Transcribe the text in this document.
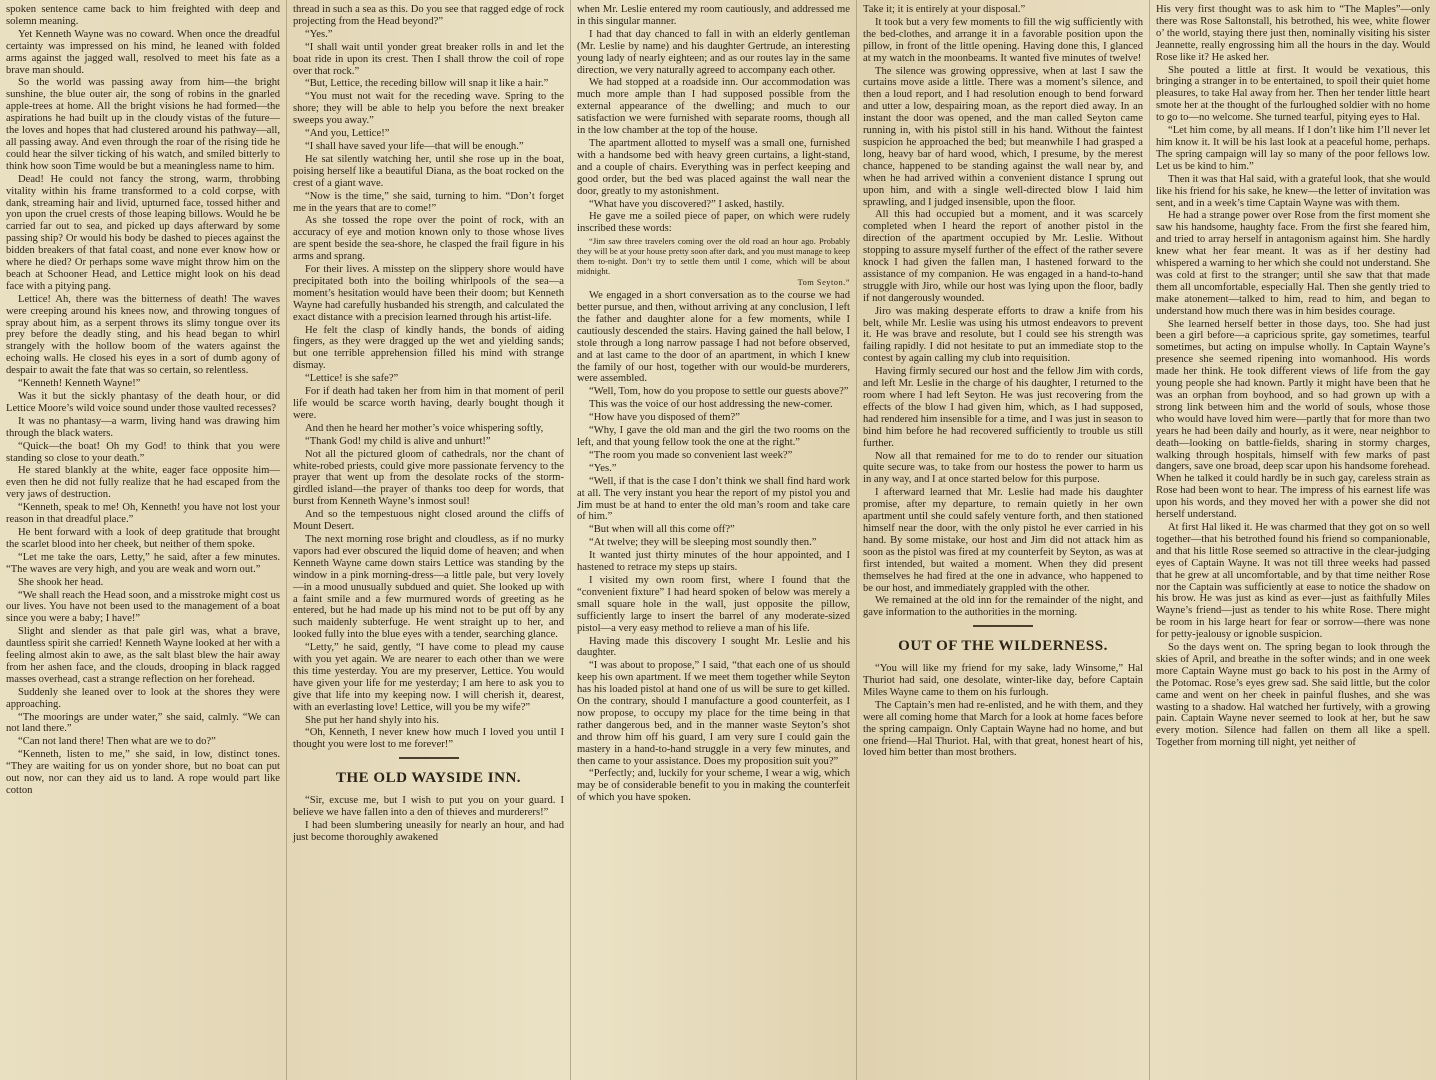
spoken sentence came back to him freighted with deep and solemn meaning.

Yet Kenneth Wayne was no coward. When once the dreadful certainty was impressed on his mind, he leaned with folded arms against the jagged wall, resolved to meet his fate as a brave man should.

So the world was passing away from him—the bright sunshine, the blue outer air, the song of robins in the gnarled apple-trees at home. All the bright visions he had formed—the aspirations he had built up in the cloudy vistas of the future—the loves and hopes that had clustered around his pathway—all, all passing away. And even through the roar of the rising tide he could hear the silver ticking of his watch, and smiled bitterly to think how soon Time would be but a meaningless name to him.

Dead! He could not fancy the strong, warm, throbbing vitality within his frame transformed to a cold corpse, with dank, streaming hair and livid, upturned face, tossed hither and yon upon the cruel crests of those leaping billows. Would he be carried far out to sea, and picked up days afterward by some passing ship? Or would his body be dashed to pieces against the bidden breakers of that fatal coast, and none ever know how or where he died? Or perhaps some wave might throw him on the beach at Schooner Head, and Lettice might look on his dead face with a pitying pang.

Lettice! Ah, there was the bitterness of death! The waves were creeping around his knees now, and throwing tongues of spray about him, as a serpent throws its slimy tongue over its prey before the deadly sting, and his head began to whirl strangely with the hollow boom of the waters against the echoing walls. He closed his eyes in a sort of dumb agony of despair to await the fate that was so certain, so relentless.

“Kenneth! Kenneth Wayne!”

Was it but the sickly phantasy of the death hour, or did Lettice Moore’s wild voice sound under those vaulted recesses?

It was no phantasy—a warm, living hand was drawing him through the black waters.

“Quick—the boat! Oh my God! to think that you were standing so close to your death.”

He stared blankly at the white, eager face opposite him—even then he did not fully realize that he had escaped from the very jaws of destruction.

“Kenneth, speak to me! Oh, Kenneth! you have not lost your reason in that dreadful place.”

He bent forward with a look of deep gratitude that brought the scarlet blood into her cheek, but neither of them spoke.

“Let me take the oars, Letty,” he said, after a few minutes. “The waves are very high, and you are weak and worn out.”

She shook her head.

“We shall reach the Head soon, and a misstroke might cost us our lives. You have not been used to the management of a boat since you were a baby; I have!”

Slight and slender as that pale girl was, what a brave, dauntless spirit she carried! Kenneth Wayne looked at her with a feeling almost akin to awe, as the salt blast blew the hair away from her ashen face, and the clouds, drooping in black ragged masses overhead, cast a strange reflection on her forehead.

Suddenly she leaned over to look at the shores they were approaching.

“The moorings are under water,” she said, calmly. “We can not land there.”

“Can not land there! Then what are we to do?”

“Kenneth, listen to me,” she said, in low, distinct tones. “They are waiting for us on yonder shore, but no boat can put out now, nor can they aid us to land. A rope would part like cotton

thread in such a sea as this. Do you see that ragged edge of rock projecting from the Head beyond?”

“Yes.”

“I shall wait until yonder great breaker rolls in and let the boat ride in upon its crest. Then I shall throw the coil of rope over that rock.”

“But, Lettice, the receding billow will snap it like a hair.”

“You must not wait for the receding wave. Spring to the shore; they will be able to help you before the next breaker sweeps you away.”

“And you, Lettice!”

“I shall have saved your life—that will be enough.”

He sat silently watching her, until she rose up in the boat, poising herself like a beautiful Diana, as the boat rocked on the crest of a giant wave.

“Now is the time,” she said, turning to him. “Don’t forget me in the years that are to come!”

As she tossed the rope over the point of rock, with an accuracy of eye and motion known only to those whose lives are spent beside the sea-shore, he clasped the frail figure in his arms and sprang.

For their lives. A misstep on the slippery shore would have precipitated both into the boiling whirlpools of the sea—a moment’s hesitation would have been their doom; but Kenneth Wayne had carefully husbanded his strength, and calculated the exact distance with a precision learned through his artist-life.

He felt the clasp of kindly hands, the bonds of aiding fingers, as they were dragged up the wet and yielding sands; but one terrible apprehension filled his mind with strange dismay.

“Lettice! is she safe?”

For if death had taken her from him in that moment of peril life would be scarce worth having, dearly bought though it were.

And then he heard her mother’s voice whispering softly,

“Thank God! my child is alive and unhurt!”

Not all the pictured gloom of cathedrals, nor the chant of white-robed priests, could give more passionate fervency to the prayer that went up from the desolate rocks of the storm-girdled island—the prayer of thanks too deep for words, that burst from Kenneth Wayne’s inmost soul!

And so the tempestuous night closed around the cliffs of Mount Desert.

The next morning rose bright and cloudless, as if no murky vapors had ever obscured the liquid dome of heaven; and when Kenneth Wayne came down stairs Lettice was standing by the window in a pink morning-dress—a little pale, but very lovely—in a mood unusually subdued and quiet. She looked up with a faint smile and a few murmured words of greeting as he entered, but he had made up his mind not to be put off by any such maidenly subterfuge. He went straight up to her, and looked fully into the blue eyes with a tender, searching glance.

“Letty,” he said, gently, “I have come to plead my cause with you yet again. We are nearer to each other than we were this time yesterday. You are my preserver, Lettice. You would have given your life for me yesterday; I am here to ask you to give that life into my keeping now. I will cherish it, dearest, with an everlasting love! Lettice, will you be my wife?”

She put her hand shyly into his.

“Oh, Kenneth, I never knew how much I loved you until I thought you were lost to me forever!”

THE OLD WAYSIDE INN.

“Sir, excuse me, but I wish to put you on your guard. I believe we have fallen into a den of thieves and murderers!”

I had been slumbering uneasily for nearly an hour, and had just become thoroughly awakened

when Mr. Leslie entered my room cautiously, and addressed me in this singular manner.

I had that day chanced to fall in with an elderly gentleman (Mr. Leslie by name) and his daughter Gertrude, an interesting young lady of nearly eighteen; and as our routes lay in the same direction, we very naturally agreed to accompany each other.

We had stopped at a roadside inn. Our accommodation was much more ample than I had supposed possible from the external appearance of the dwelling; and much to our satisfaction we were furnished with separate rooms, though all in the low chamber at the top of the house.

The apartment allotted to myself was a small one, furnished with a handsome bed with heavy green curtains, a light-stand, and a couple of chairs. Everything was in perfect keeping and good order, but the bed was placed against the wall near the door, greatly to my astonishment.

“What have you discovered?” I asked, hastily.

He gave me a soiled piece of paper, on which were rudely inscribed these words:

“Jim saw three travelers coming over the old road an hour ago. Probably they will be at your house pretty soon after dark, and you must manage to keep them to-night. Don’t try to settle them until I come, which will be about midnight.

Tom Seyton.”

We engaged in a short conversation as to the course we had better pursue, and then, without arriving at any conclusion, I left the father and daughter alone for a few moments, while I cautiously descended the stairs. Having gained the hall below, I stole through a long narrow passage I had not before observed, and at last came to the door of an apartment, in which I knew the family of our host, together with our would-be murderers, were assembled.

“Well, Tom, how do you propose to settle our guests above?”

This was the voice of our host addressing the new-comer.

“How have you disposed of them?”

“Why, I gave the old man and the girl the two rooms on the left, and that young fellow took the one at the right.”

“The room you made so convenient last week?”

“Yes.”

“Well, if that is the case I don’t think we shall find hard work at all. The very instant you hear the report of my pistol you and Jim must be at hand to enter the old man’s room and take care of him.”

“But when will all this come off?”

“At twelve; they will be sleeping most soundly then.”

It wanted just thirty minutes of the hour appointed, and I hastened to retrace my steps up stairs.

I visited my own room first, where I found that the “convenient fixture” I had heard spoken of below was merely a small square hole in the wall, just opposite the pillow, sufficiently large to insert the barrel of any moderate-sized pistol—a very easy method to relieve a man of his life.

Having made this discovery I sought Mr. Leslie and his daughter.

“I was about to propose,” I said, “that each one of us should keep his own apartment. If we meet them together while Seyton has his loaded pistol at hand one of us will be sure to get killed. On the contrary, should I manufacture a good counterfeit, as I now propose, to occupy my place for the time being in that rather dangerous bed, and in the manner waste Seyton’s shot and throw him off his guard, I am very sure I could gain the mastery in a hand-to-hand struggle in a very few minutes, and then came to your assistance. Does my proposition suit you?”

“Perfectly; and, luckily for your scheme, I wear a wig, which may be of considerable benefit to you in making the counterfeit of which you have spoken.

Take it; it is entirely at your disposal.”

It took but a very few moments to fill the wig sufficiently with the bed-clothes, and arrange it in a favorable position upon the pillow, in front of the little opening. Having done this, I glanced at my watch in the moonbeams. It wanted five minutes of twelve!

The silence was growing oppressive, when at last I saw the curtains move aside a little. There was a moment’s silence, and then a loud report, and I had resolution enough to bend forward and utter a low, despairing moan, as the report died away. In an instant the door was opened, and the man called Seyton came running in, with his pistol still in his hand. Without the faintest suspicion he approached the bed; but meanwhile I had grasped a long, heavy bar of hard wood, which, I presume, by the merest chance, happened to be standing against the wall near by, and when he had arrived within a convenient distance I sprung out upon him, and with a single well-directed blow I laid him sprawling, and I judged insensible, upon the floor.

All this had occupied but a moment, and it was scarcely completed when I heard the report of another pistol in the direction of the apartment occupied by Mr. Leslie. Without stopping to assure myself further of the effect of the rather severe knock I had given the fallen man, I hastened forward to the assistance of my companion. He was engaged in a hand-to-hand struggle with Jiro, while our host was lying upon the floor, badly if not dangerously wounded.

Jiro was making desperate efforts to draw a knife from his belt, while Mr. Leslie was using his utmost endeavors to prevent it. He was brave and resolute, but I could see his strength was failing rapidly. I did not hesitate to put an immediate stop to the contest by again calling my club into requisition.

Having firmly secured our host and the fellow Jim with cords, and left Mr. Leslie in the charge of his daughter, I returned to the room where I had left Seyton. He was just recovering from the effects of the blow I had given him, which, as I had supposed, had rendered him insensible for a time, and I was just in season to bind him before he had recovered sufficiently to trouble us still further.

Now all that remained for me to do to render our situation quite secure was, to take from our hostess the power to harm us in any way, and I at once started below for this purpose.

I afterward learned that Mr. Leslie had made his daughter promise, after my departure, to remain quietly in her own apartment until she could safely venture forth, and then stationed himself near the door, with the only pistol he ever carried in his hand. By some mistake, our host and Jim did not attack him as soon as the pistol was fired at my counterfeit by Seyton, as was at first intended, but waited a moment. When they did present themselves he had fired at the one in advance, who happened to be our host, and immediately grappled with the other.

We remained at the old inn for the remainder of the night, and gave information to the authorities in the morning.

OUT OF THE WILDERNESS.

“You will like my friend for my sake, lady Winsome,” Hal Thuriot had said, one desolate, winter-like day, before Captain Miles Wayne came to them on his furlough.

The Captain’s men had re-enlisted, and he with them, and they were all coming home that March for a look at home faces before the spring campaign. Only Captain Wayne had no home, and but one friend—Hal Thuriot. Hal, with that great, honest heart of his, loved him better than most brothers.

His very first thought was to ask him to “The Maples”—only there was Rose Saltonstall, his betrothed, his wee, white flower o’ the world, staying there just then, nominally visiting his sister Jeannette, really engrossing him all the hours in the day. Would Rose like it? He asked her.

She pouted a little at first. It would be vexatious, this bringing a stranger in to be entertained, to spoil their quiet home pleasures, to take Hal away from her. Then her tender little heart smote her at the thought of the furloughed soldier with no home to go to—no welcome. She turned tearful, pitying eyes to Hal.

“Let him come, by all means. If I don’t like him I’ll never let him know it. It will be his last look at a peaceful home, perhaps. The spring campaign will lay so many of the poor fellows low. Let us be kind to him.”

Then it was that Hal said, with a grateful look, that she would like his friend for his sake, he knew—the letter of invitation was sent, and in a week’s time Captain Wayne was with them.

He had a strange power over Rose from the first moment she saw his handsome, haughty face. From the first she feared him, and tried to array herself in antagonism against him. She hardly knew what her fear meant. It was as if her destiny had whispered a warning to her which she could not understand. She was cold at first to the stranger; until she saw that that made them all uncomfortable, especially Hal. Then she gently tried to make atonement—talked to him, read to him, and began to understand how much there was in him besides courage.

She learned herself better in those days, too. She had just been a girl before—a capricious sprite, gay sometimes, tearful sometimes, but acting on impulse wholly. In Captain Wayne’s presence she seemed ripening into womanhood. His words made her think. He took different views of life from the gay young people she had known. Partly it might have been that he was an orphan from boyhood, and so had grown up with a strong link between him and the world of souls, whose those who would have loved him were—partly that for more than two years he had been daily and hourly, as it were, near neighbor to death—looking on battle-fields, sharing in stormy charges, walking through hospitals, himself with few marks of past dangers, save one broad, deep scar upon his handsome forehead. When he talked it could hardly be in such gay, careless strain as Rose had been wont to hear. The impress of his earnest life was upon his words, and they moved her with a power she did not herself understand.

At first Hal liked it. He was charmed that they got on so well together—that his betrothed found his friend so companionable, and that his little Rose seemed so attractive in the clear-judging eyes of Captain Wayne. It was not till three weeks had passed that he grew at all uncomfortable, and by that time neither Rose nor the Captain was sufficiently at ease to notice the shadow on his brow. He was just as kind as ever—just as faithfully Miles Wayne’s friend—just as tender to his white Rose. There might be room in his large heart for fear or sorrow—there was none for petty-jealousy or ignoble suspicion.

So the days went on. The spring began to look through the skies of April, and breathe in the softer winds; and in one week more Captain Wayne must go back to his post in the Army of the Potomac. Rose’s eyes grew sad. She said little, but the color came and went on her cheek in painful flushes, and she was wasting to a shadow. Hal watched her furtively, with a growing pain. Captain Wayne never seemed to look at her, but he saw every motion. Silence had fallen on them all like a spell. Together from morning till night, yet neither of
